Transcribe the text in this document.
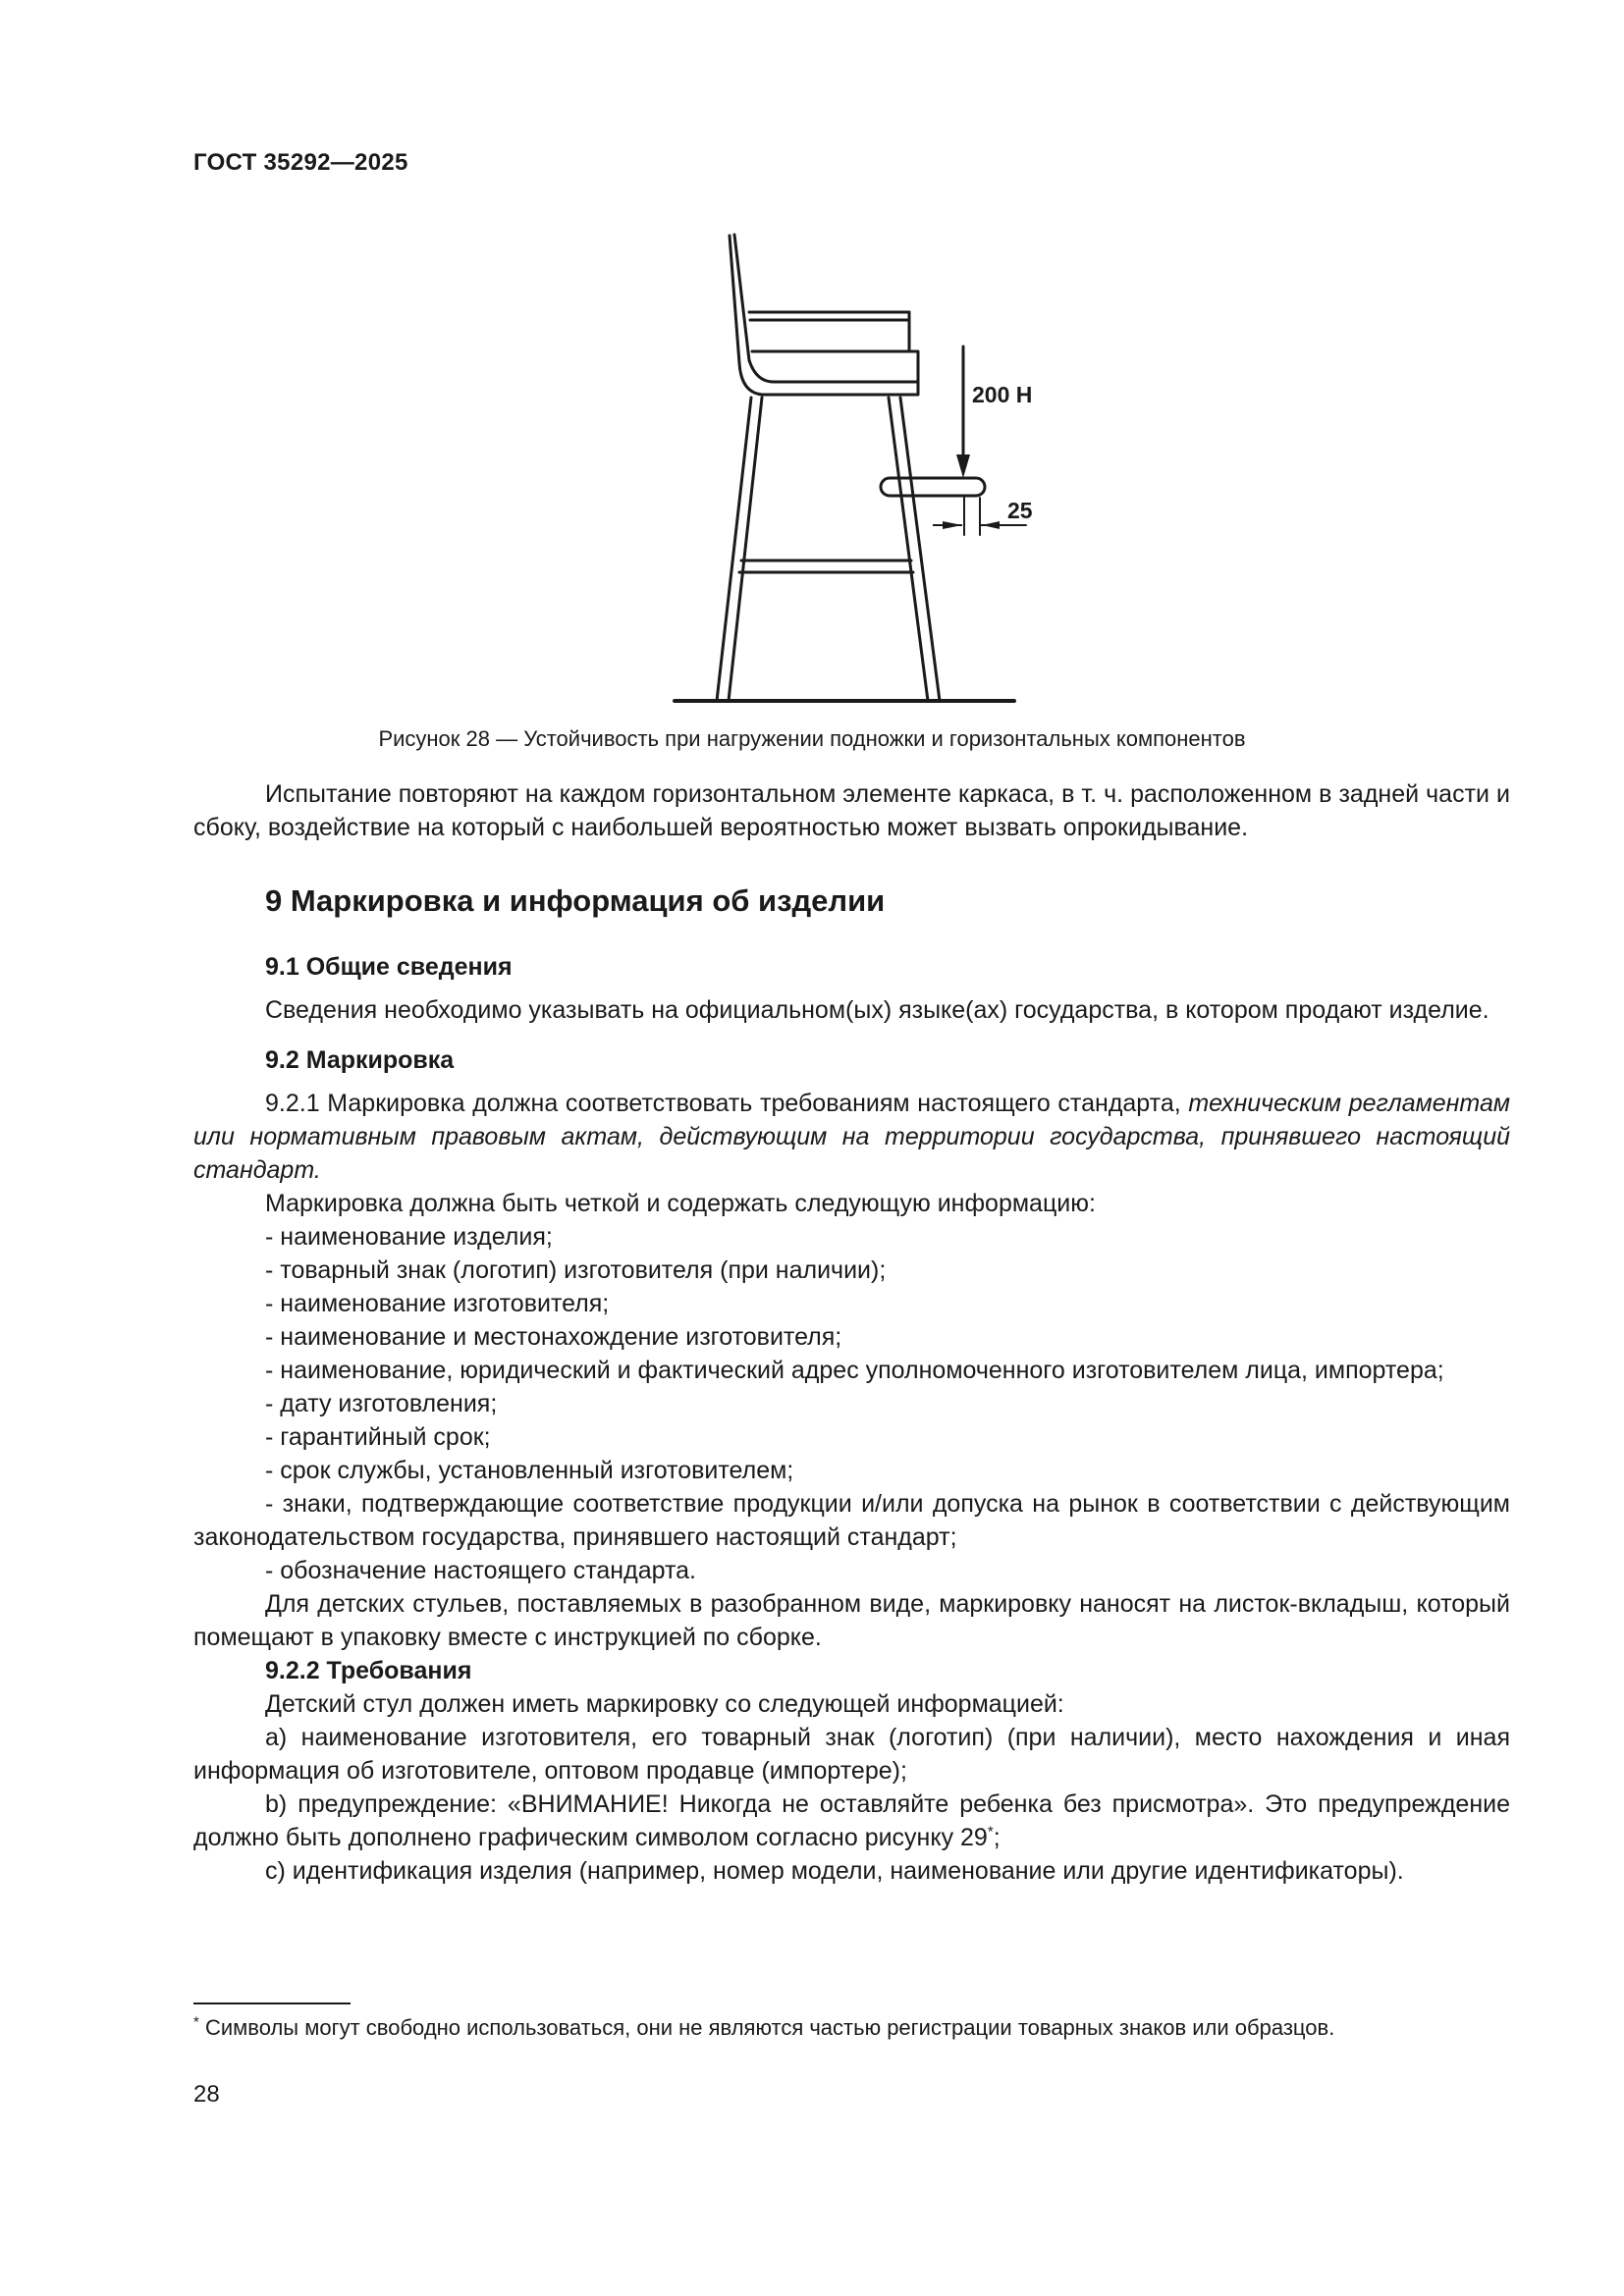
ГОСТ 35292—2025
200 Н
25
Рисунок 28 — Устойчивость при нагружении подножки и горизонтальных компонентов

Испытание повторяют на каждом горизонтальном элементе каркаса, в т. ч. расположенном в задней части и сбоку, воздействие на который с наибольшей вероятностью может вызвать опрокидывание.

9 Маркировка и информация об изделии
9.1 Общие сведения

Сведения необходимо указывать на официальном(ых) языке(ах) государства, в котором продают изделие.

9.2 Маркировка

9.2.1 Маркировка должна соответствовать требованиям настоящего стандарта, техническим регламентам или нормативным правовым актам, действующим на территории государства, принявшего настоящий стандарт.

Маркировка должна быть четкой и содержать следующую информацию:

- наименование изделия;

- товарный знак (логотип) изготовителя (при наличии);

- наименование изготовителя;

- наименование и местонахождение изготовителя;

- наименование, юридический и фактический адрес уполномоченного изготовителем лица, импортера;

- дату изготовления;

- гарантийный срок;

- срок службы, установленный изготовителем;

- знаки, подтверждающие соответствие продукции и/или допуска на рынок в соответствии с действующим законодательством государства, принявшего настоящий стандарт;

- обозначение настоящего стандарта.

Для детских стульев, поставляемых в разобранном виде, маркировку наносят на листок-вкладыш, который помещают в упаковку вместе с инструкцией по сборке.

9.2.2 Требования

Детский стул должен иметь маркировку со следующей информацией:

а) наименование изготовителя, его товарный знак (логотип) (при наличии), место нахождения и иная информация об изготовителе, оптовом продавце (импортере);

b) предупреждение: «ВНИМАНИЕ! Никогда не оставляйте ребенка без присмотра». Это предупреждение должно быть дополнено графическим символом согласно рисунку 29*;

c) идентификация изделия (например, номер модели, наименование или другие идентификаторы).

* Символы могут свободно использоваться, они не являются частью регистрации товарных знаков или образцов.
28
